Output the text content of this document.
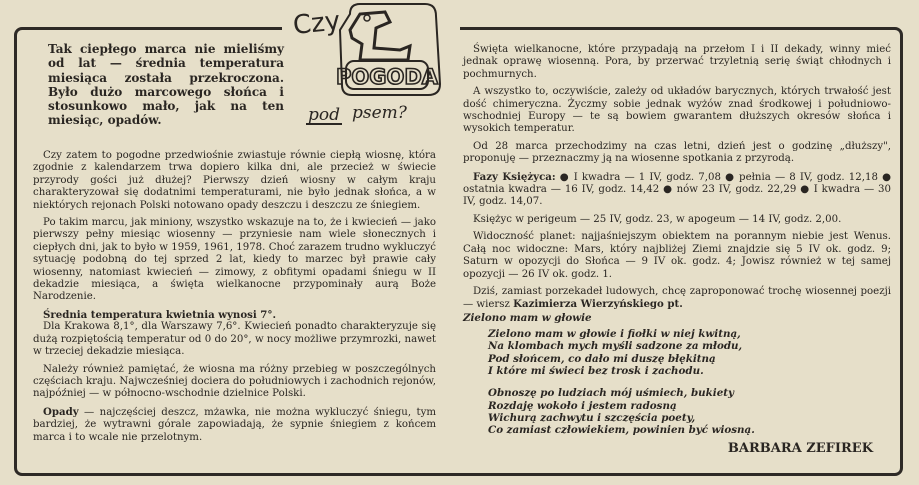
Czy
POGODA
pod psem?
Tak ciepłego marca nie mieliśmy od lat — średnia temperatura miesiąca została przekroczona. Było dużo marcowego słońca i stosunkowo mało, jak na ten miesiąc, opadów.

Czy zatem to pogodne przedwiośnie zwiastuje równie ciepłą wiosnę, która zgodnie z kalendarzem trwa dopiero kilka dni, ale przecież w świecie przyrody gości już dłużej? Pierwszy dzień wiosny w całym kraju charakteryzował się dodatnimi temperaturami, nie było jednak słońca, a w niektórych rejonach Polski notowano opady deszczu i deszczu ze śniegiem.

Po takim marcu, jak miniony, wszystko wskazuje na to, że i kwiecień — jako pierwszy pełny miesiąc wiosenny — przyniesie nam wiele słonecznych i ciepłych dni, jak to było w 1959, 1961, 1978. Choć zarazem trudno wykluczyć sytuację podobną do tej sprzed 2 lat, kiedy to marzec był prawie cały wiosenny, natomiast kwiecień — zimowy, z obfitymi opadami śniegu w II dekadzie miesiąca, a święta wielkanocne przypominały aurą Boże Narodzenie.

Średnia temperatura kwietnia wynosi 7°.

Dla Krakowa 8,1°, dla Warszawy 7,6°. Kwiecień ponadto charakteryzuje się dużą rozpiętością temperatur od 0 do 20°, w nocy możliwe przymrozki, nawet w trzeciej dekadzie miesiąca.

Należy również pamiętać, że wiosna ma różny przebieg w poszczególnych częściach kraju. Najwcześniej dociera do południowych i zachodnich rejonów, najpóźniej — w północno-wschodnie dzielnice Polski.

Opady — najczęściej deszcz, mżawka, nie można wykluczyć śniegu, tym bardziej, że wytrawni górale zapowiadają, że sypnie śniegiem z końcem marca i to wcale nie przelotnym.

Święta wielkanocne, które przypadają na przełom I i II dekady, winny mieć jednak oprawę wiosenną. Pora, by przerwać trzyletnią serię świąt chłodnych i pochmurnych.

A wszystko to, oczywiście, zależy od układów barycznych, których trwałość jest dość chimeryczna. Życzmy sobie jednak wyżów znad środkowej i południowo-wschodniej Europy — te są bowiem gwarantem dłuższych okresów słońca i wysokich temperatur.

Od 28 marca przechodzimy na czas letni, dzień jest o godzinę „dłuższy", proponuję — przeznaczmy ją na wiosenne spotkania z przyrodą.

Fazy Księżyca: ● I kwadra — 1 IV, godz. 7,08 ● pełnia — 8 IV, godz. 12,18 ● ostatnia kwadra — 16 IV, godz. 14,42 ● nów 23 IV, godz. 22,29 ● I kwadra — 30 IV, godz. 14,07.

Księżyc w perigeum — 25 IV, godz. 23, w apogeum — 14 IV, godz. 2,00.

Widoczność planet: najjaśniejszym obiektem na porannym niebie jest Wenus. Całą noc widoczne: Mars, który najbliżej Ziemi znajdzie się 5 IV ok. godz. 9; Saturn w opozycji do Słońca — 9 IV ok. godz. 4; Jowisz również w tej samej opozycji — 26 IV ok. godz. 1.

Dziś, zamiast porzekadeł ludowych, chcę zaproponować trochę wiosennej poezji — wiersz Kazimierza Wierzyńskiego pt.

Zielono mam w głowie
Zielono mam w głowie i fiołki w niej kwitną,
Na klombach mych myśli sadzone za młodu,
Pod słońcem, co dało mi duszę błękitną
I które mi świeci bez trosk i zachodu.
Obnoszę po ludziach mój uśmiech, bukiety
Rozdaję wokoło i jestem radosną
Wichurą zachwytu i szczęścia poety,
Co zamiast człowiekiem, powinien być wiosną.
BARBARA ZEFIREK
